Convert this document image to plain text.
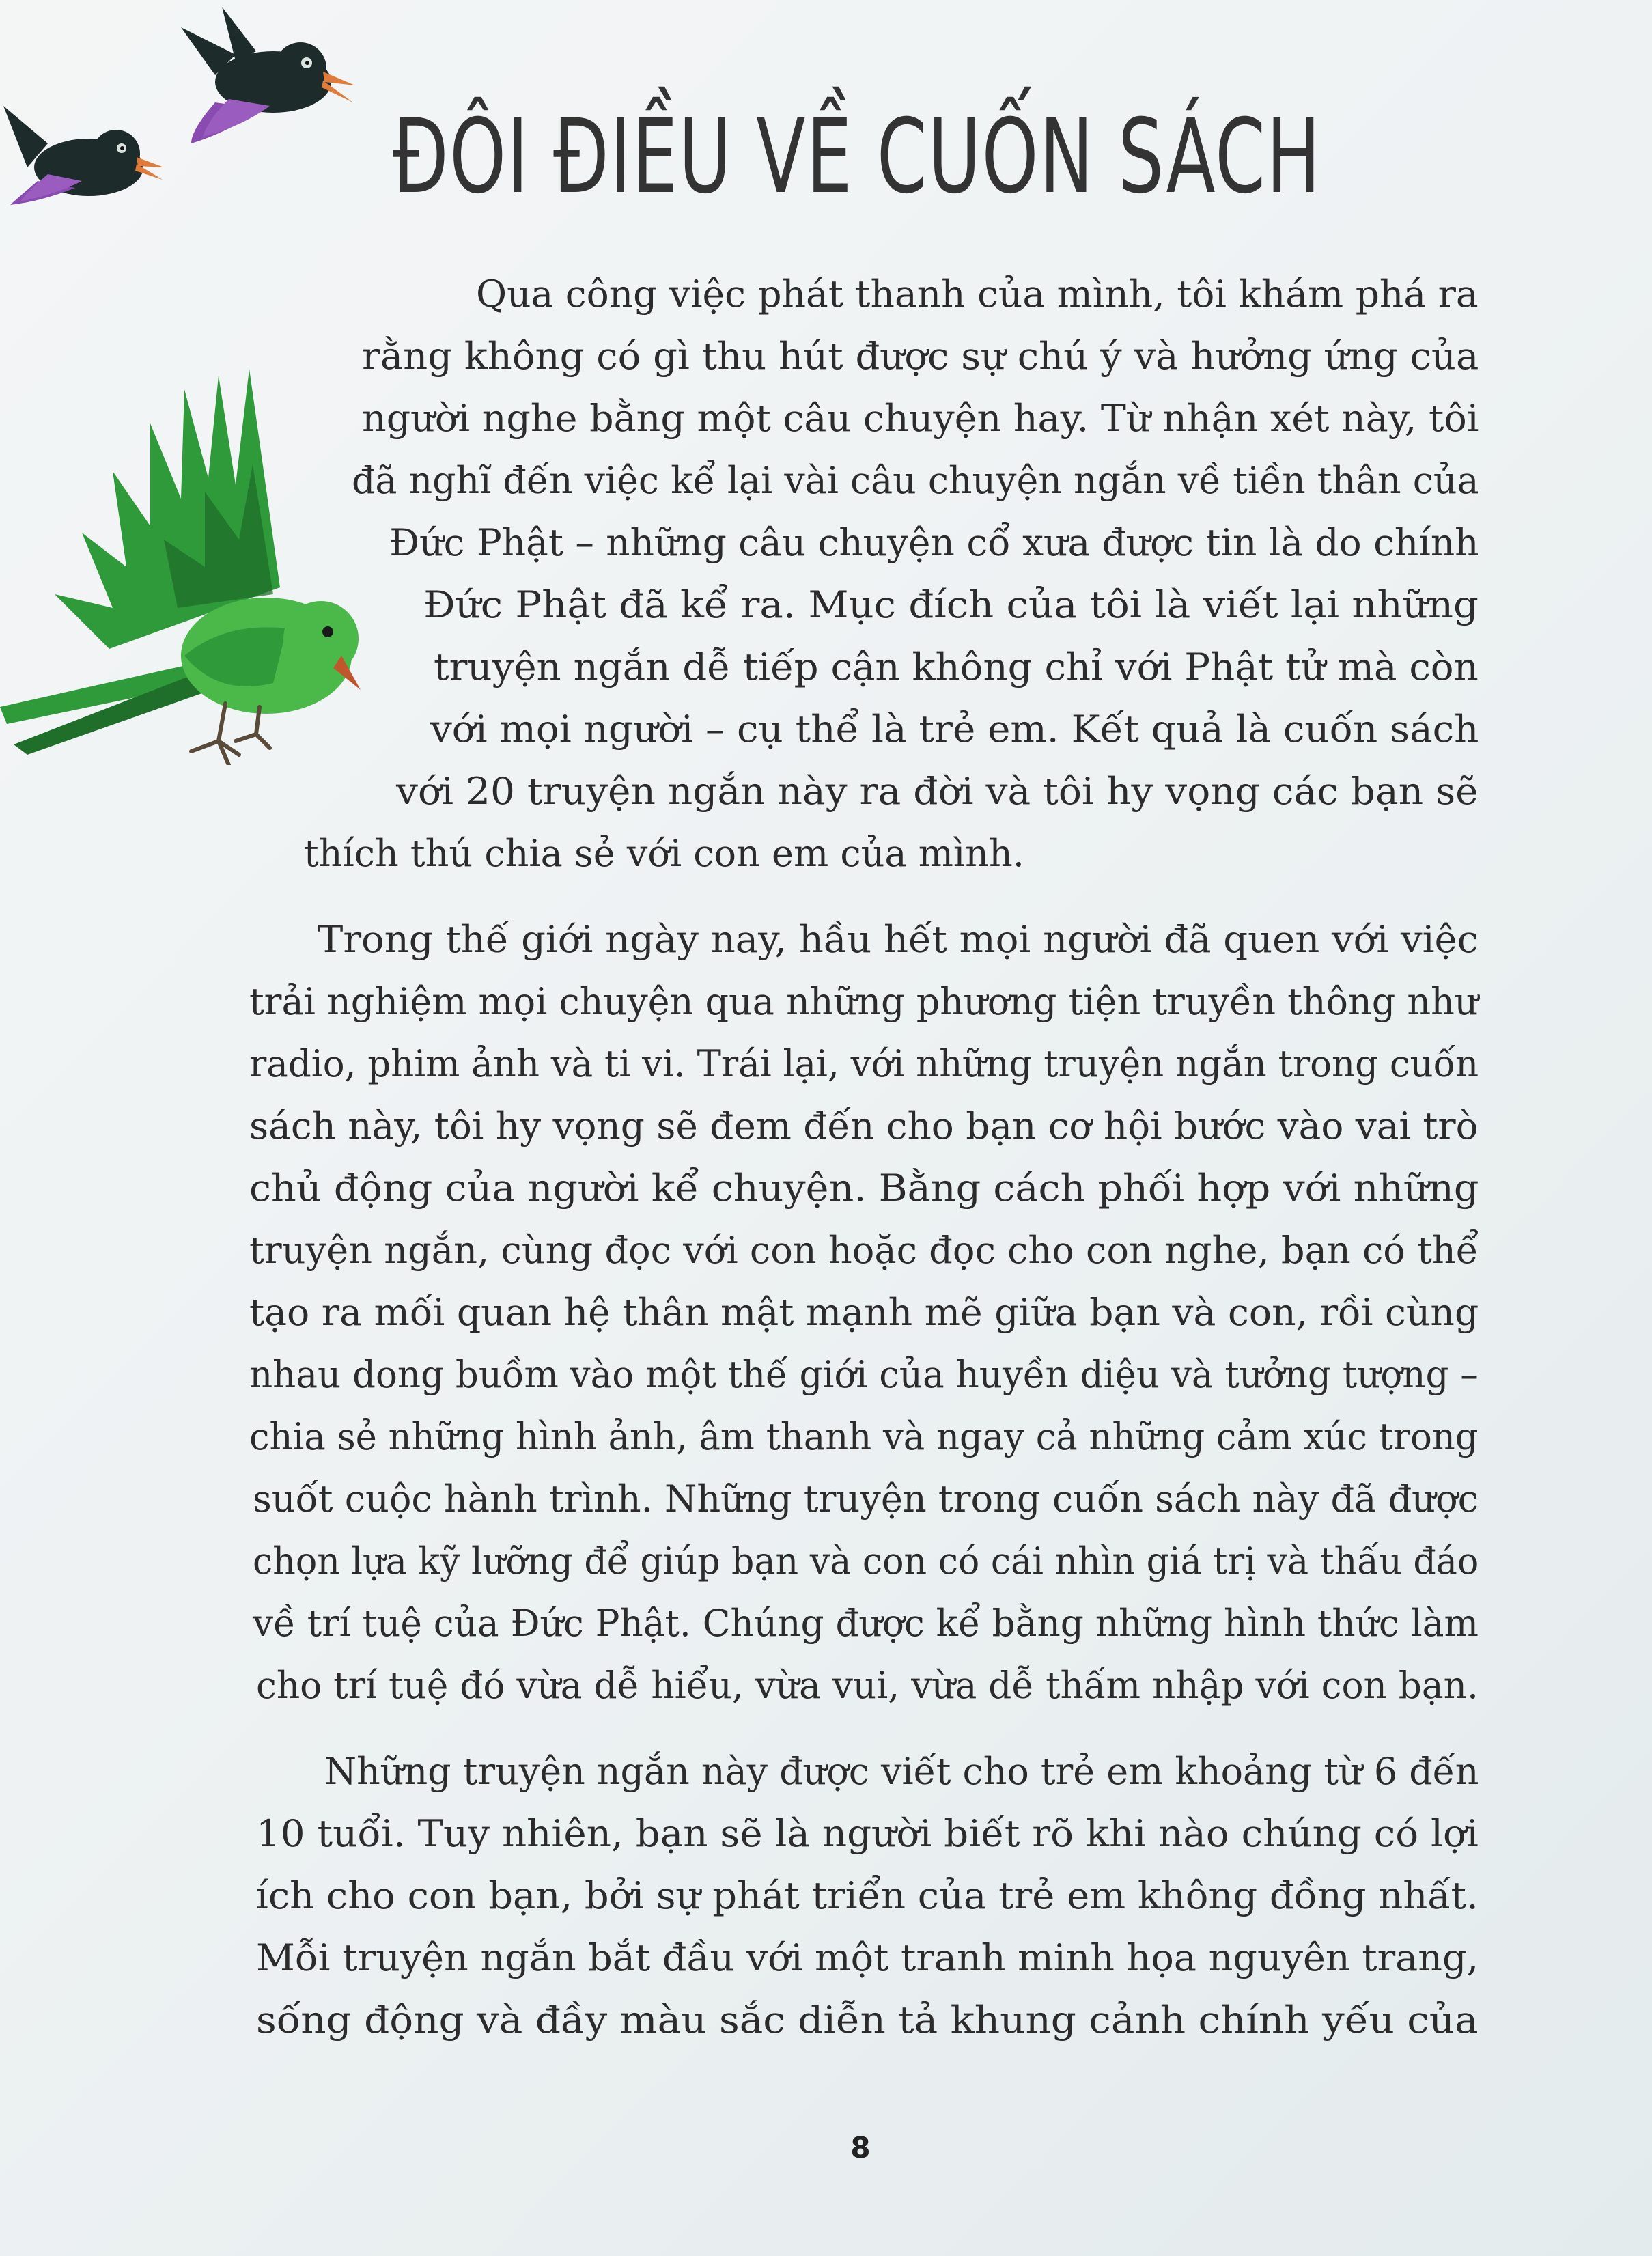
ĐÔI ĐIỀU VỀ CUỐN SÁCH
Qua công việc phát thanh của mình, tôi khám phá ra
rằng không có gì thu hút được sự chú ý và hưởng ứng của
người nghe bằng một câu chuyện hay. Từ nhận xét này, tôi
đã nghĩ đến việc kể lại vài câu chuyện ngắn về tiền thân của
Đức Phật – những câu chuyện cổ xưa được tin là do chính
Đức Phật đã kể ra. Mục đích của tôi là viết lại những
truyện ngắn dễ tiếp cận không chỉ với Phật tử mà còn
với mọi người – cụ thể là trẻ em. Kết quả là cuốn sách
với 20 truyện ngắn này ra đời và tôi hy vọng các bạn sẽ
thích thú chia sẻ với con em của mình.
Trong thế giới ngày nay, hầu hết mọi người đã quen với việc
trải nghiệm mọi chuyện qua những phương tiện truyền thông như
radio, phim ảnh và ti vi. Trái lại, với những truyện ngắn trong cuốn
sách này, tôi hy vọng sẽ đem đến cho bạn cơ hội bước vào vai trò
chủ động của người kể chuyện. Bằng cách phối hợp với những
truyện ngắn, cùng đọc với con hoặc đọc cho con nghe, bạn có thể
tạo ra mối quan hệ thân mật mạnh mẽ giữa bạn và con, rồi cùng
nhau dong buồm vào một thế giới của huyền diệu và tưởng tượng –
chia sẻ những hình ảnh, âm thanh và ngay cả những cảm xúc trong
suốt cuộc hành trình. Những truyện trong cuốn sách này đã được
chọn lựa kỹ lưỡng để giúp bạn và con có cái nhìn giá trị và thấu đáo
về trí tuệ của Đức Phật. Chúng được kể bằng những hình thức làm
cho trí tuệ đó vừa dễ hiểu, vừa vui, vừa dễ thấm nhập với con bạn.
Những truyện ngắn này được viết cho trẻ em khoảng từ 6 đến
10 tuổi. Tuy nhiên, bạn sẽ là người biết rõ khi nào chúng có lợi
ích cho con bạn, bởi sự phát triển của trẻ em không đồng nhất.
Mỗi truyện ngắn bắt đầu với một tranh minh họa nguyên trang,
sống động và đầy màu sắc diễn tả khung cảnh chính yếu của
8
